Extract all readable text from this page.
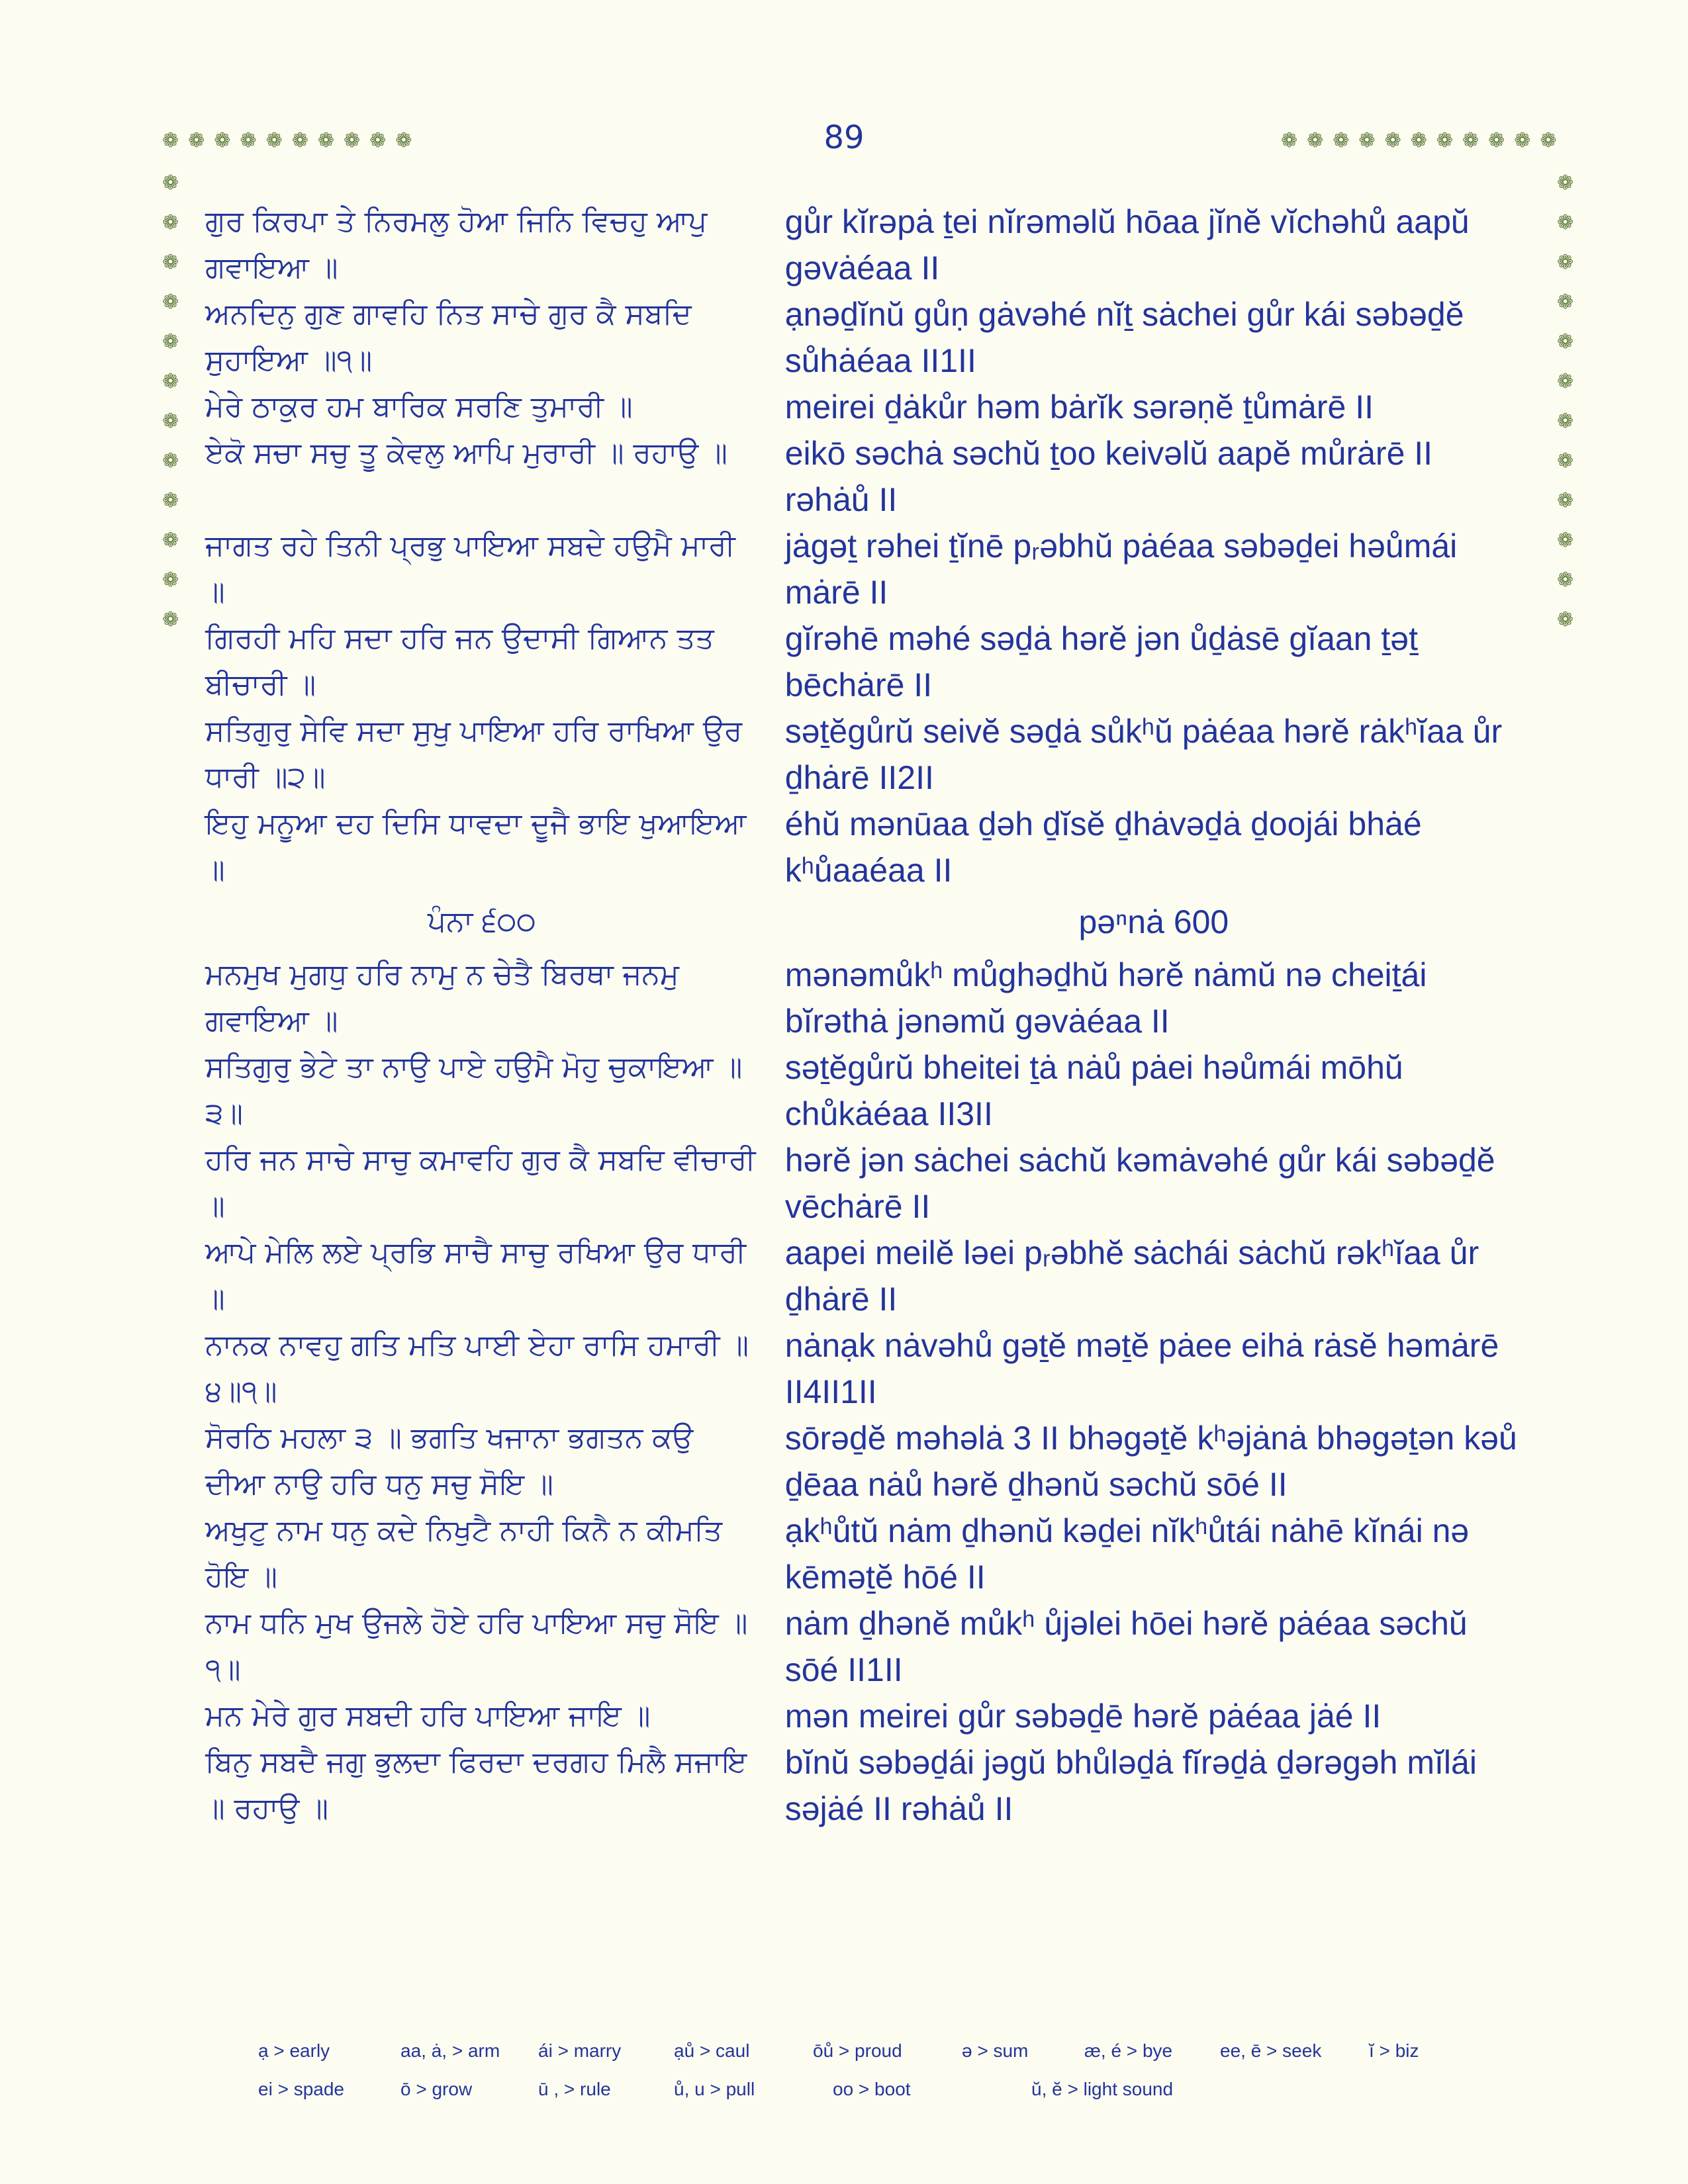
89
❁ ❁ ❁ ❁ ❁ ❁ ❁ ❁ ❁ ❁	❁ ❁ ❁ ❁ ❁ ❁ ❁ ❁ ❁ ❁ ❁
❁
❁
❁
❁
❁
❁
❁
❁
❁
❁
❁
❁
❁
❁
❁
❁
❁
❁
❁
❁
❁
❁
❁
❁
ਗੁਰ ਕਿਰਪਾ ਤੇ ਨਿਰਮਲੁ ਹੋਆ ਜਿਨਿ ਵਿਚਹੁ ਆਪੁ ਗਵਾਇਆ ॥
gůr kĭrəpȧ ṯei nĭrəməlŭ hōaa jĭnĕ vĭchəhů aapŭ gəvȧéaa II
ਅਨਦਿਨੁ ਗੁਣ ਗਾਵਹਿ ਨਿਤ ਸਾਚੇ ਗੁਰ ਕੈ ਸਬਦਿ ਸੁਹਾਇਆ ॥੧॥
ạnəḏĭnŭ gůṇ gȧvəhé nĭṯ sȧchei gůr kái səbəḏĕ sůhȧéaa II1II
ਮੇਰੇ ਠਾਕੁਰ ਹਮ ਬਾਰਿਕ ਸਰਣਿ ਤੁਮਾਰੀ ॥	meirei ḏȧkůr həm bȧrĭk sərəṇĕ ṯůmȧrē II
ਏਕੋ ਸਚਾ ਸਚੁ ਤੂ ਕੇਵਲੁ ਆਪਿ ਮੁਰਾਰੀ ॥ ਰਹਾਉ ॥	eikō səchȧ səchŭ ṯoo keivəlŭ aapĕ můrȧrē II rəhȧů II
ਜਾਗਤ ਰਹੇ ਤਿਨੀ ਪ੍ਰਭੁ ਪਾਇਆ ਸਬਦੇ ਹਉਮੈ ਮਾਰੀ ॥
jȧgəṯ rəhei ṯĭnē pᵣəbhŭ pȧéaa səbəḏei həůmái mȧrē II
ਗਿਰਹੀ ਮਹਿ ਸਦਾ ਹਰਿ ਜਨ ਉਦਾਸੀ ਗਿਆਨ ਤਤ ਬੀਚਾਰੀ ॥
gĭrəhē məhé səḏȧ hərĕ jən ůḏȧsē gĭaan ṯəṯ bēchȧrē II
ਸਤਿਗੁਰੁ ਸੇਵਿ ਸਦਾ ਸੁਖੁ ਪਾਇਆ ਹਰਿ ਰਾਖਿਆ ਉਰ ਧਾਰੀ ॥੨॥
səṯĕgůrŭ seivĕ səḏȧ sůkʰŭ pȧéaa hərĕ rȧkʰĭaa ůr ḏhȧrē II2II
ਇਹੁ ਮਨੂਆ ਦਹ ਦਿਸਿ ਧਾਵਦਾ ਦੂਜੈ ਭਾਇ ਖੁਆਇਆ ॥
éhŭ mənūaa ḏəh ḏĭsĕ ḏhȧvəḏȧ ḏoojái bhȧé kʰůaaéaa II
ਪੰਨਾ ੬੦੦	pəⁿnȧ 600
ਮਨਮੁਖ ਮੁਗਧੁ ਹਰਿ ਨਾਮੁ ਨ ਚੇਤੈ ਬਿਰਥਾ ਜਨਮੁ ਗਵਾਇਆ ॥
mənəmůkʰ můghəḏhŭ hərĕ nȧmŭ nə cheiṯái bĭrəthȧ jənəmŭ gəvȧéaa II
ਸਤਿਗੁਰੁ ਭੇਟੇ ਤਾ ਨਾਉ ਪਾਏ ਹਉਮੈ ਮੋਹੁ ਚੁਕਾਇਆ ॥੩॥
səṯĕgůrŭ bheitei ṯȧ nȧů pȧei həůmái mōhŭ chůkȧéaa II3II
ਹਰਿ ਜਨ ਸਾਚੇ ਸਾਚੁ ਕਮਾਵਹਿ ਗੁਰ ਕੈ ਸਬਦਿ ਵੀਚਾਰੀ ॥
hərĕ jən sȧchei sȧchŭ kəmȧvəhé gůr kái səbəḏĕ vēchȧrē II
ਆਪੇ ਮੇਲਿ ਲਏ ਪ੍ਰਭਿ ਸਾਚੈ ਸਾਚੁ ਰਖਿਆ ਉਰ ਧਾਰੀ ॥
aapei meilĕ ləei pᵣəbhĕ sȧchái sȧchŭ rəkʰĭaa ůr ḏhȧrē II
ਨਾਨਕ ਨਾਵਹੁ ਗਤਿ ਮਤਿ ਪਾਈ ਏਹਾ ਰਾਸਿ ਹਮਾਰੀ ॥੪॥੧॥
nȧnạk nȧvəhů gəṯĕ məṯĕ pȧee eihȧ rȧsĕ həmȧrē II4II1II
ਸੋਰਠਿ ਮਹਲਾ ੩ ॥ ਭਗਤਿ ਖਜਾਨਾ ਭਗਤਨ ਕਉ ਦੀਆ ਨਾਉ ਹਰਿ ਧਨੁ ਸਚੁ ਸੋਇ ॥
sōrəḏĕ məhəlȧ 3 II bhəgəṯĕ kʰəjȧnȧ bhəgəṯən kəů ḏēaa nȧů hərĕ ḏhənŭ səchŭ sōé II
ਅਖੁਟੁ ਨਾਮ ਧਨੁ ਕਦੇ ਨਿਖੁਟੈ ਨਾਹੀ ਕਿਨੈ ਨ ਕੀਮਤਿ ਹੋਇ ॥
ạkʰůtŭ nȧm ḏhənŭ kəḏei nĭkʰůtái nȧhē kĭnái nə kēməṯĕ hōé II
ਨਾਮ ਧਨਿ ਮੁਖ ਉਜਲੇ ਹੋਏ ਹਰਿ ਪਾਇਆ ਸਚੁ ਸੋਇ ॥੧॥
nȧm ḏhənĕ můkʰ ůjəlei hōei hərĕ pȧéaa səchŭ sōé II1II
ਮਨ ਮੇਰੇ ਗੁਰ ਸਬਦੀ ਹਰਿ ਪਾਇਆ ਜਾਇ ॥	mən meirei gůr səbəḏē hərĕ pȧéaa jȧé II
ਬਿਨੁ ਸਬਦੈ ਜਗੁ ਭੁਲਦਾ ਫਿਰਦਾ ਦਰਗਹ ਮਿਲੈ ਸਜਾਇ ॥ ਰਹਾਉ ॥
bĭnŭ səbəḏái jəgŭ bhůləḏȧ fĭrəḏȧ ḏərəgəh mĭlái səjȧé II rəhȧů II
ạ > early	aa, ȧ, > arm	ái > marry	ạů > caul	ōů > proud	ə > sum	æ, é > bye	ee, ē > seek	ĭ > biz
ei > spade	ō > grow	ū , > rule	ů, u > pull	oo > boot	ŭ, ĕ > light sound
